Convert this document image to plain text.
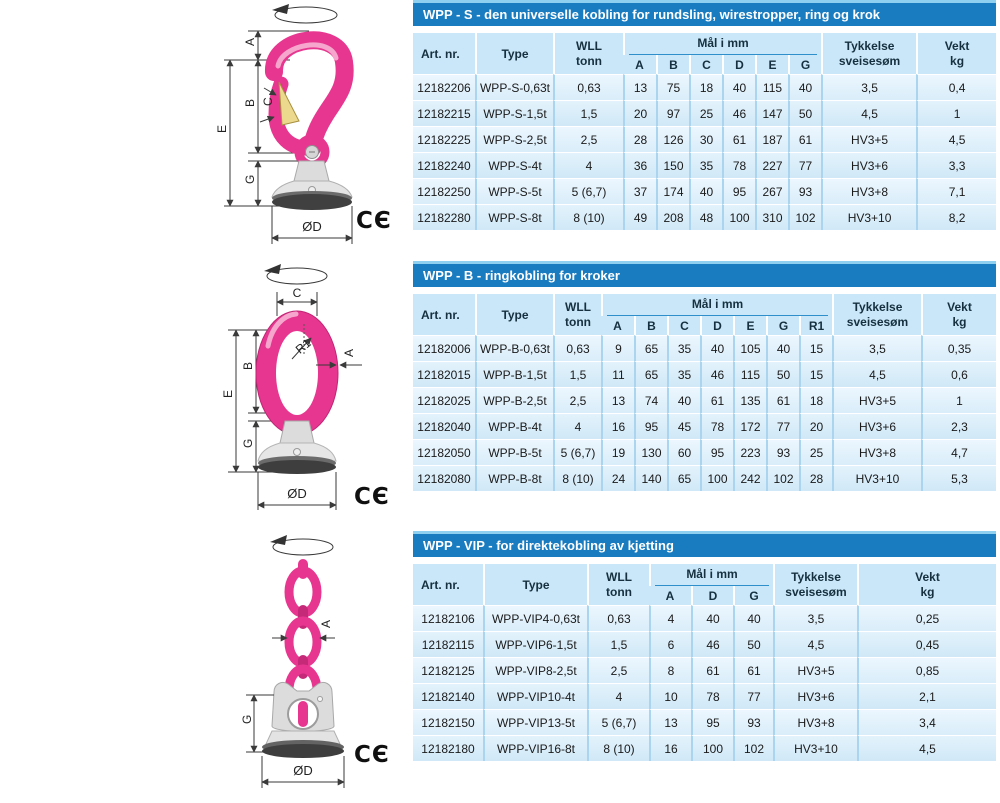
A
E
B
G
C
ØD CЄ
C
E
B
G
R1 A
ØD CЄ
A
G
ØD
CЄ
WPP - S - den universelle kobling for rundsling, wirestropper, ring og krok
Art. nr.	Type	
WLL
tonn

Mål i mm	Tykkelse
sveisesøm

Vekt
kg

			A	B	C	D	E	G		
12182206	WPP-S-0,63t	0,63	13	75	18	40	115	40	3,5	0,4
12182215	WPP-S-1,5t	1,5	20	97	25	46	147	50	4,5	1
12182225	WPP-S-2,5t	2,5	28	126	30	61	187	61	HV3+5	4,5
12182240	WPP-S-4t	4	36	150	35	78	227	77	HV3+6	3,3
12182250	WPP-S-5t	5 (6,7)	37	174	40	95	267	93	HV3+8	7,1
12182280	WPP-S-8t	8 (10)	49	208	48	100	310	102	HV3+10	8,2
WPP - B - ringkobling for kroker
Art. nr.	Type	
WLL
tonn

Mål i mm	Tykkelse
sveisesøm

Vekt
kg

			A	B	C	D	E	G	R1		
12182006	WPP-B-0,63t	0,63	9	65	35	40	105	40	15	3,5	0,35
12182015	WPP-B-1,5t	1,5	11	65	35	46	115	50	15	4,5	0,6
12182025	WPP-B-2,5t	2,5	13	74	40	61	135	61	18	HV3+5	1
12182040	WPP-B-4t	4	16	95	45	78	172	77	20	HV3+6	2,3
12182050	WPP-B-5t	5 (6,7)	19	130	60	95	223	93	25	HV3+8	4,7
12182080	WPP-B-8t	8 (10)	24	140	65	100	242	102	28	HV3+10	5,3
WPP - VIP - for direktekobling av kjetting
Art. nr.	Type	
WLL
tonn

Mål i mm	Tykkelse
sveisesøm

Vekt
kg

			A	D	G		
12182106	WPP-VIP4-0,63t	0,63	4	40	40	3,5	0,25
12182115	WPP-VIP6-1,5t	1,5	6	46	50	4,5	0,45
12182125	WPP-VIP8-2,5t	2,5	8	61	61	HV3+5	0,85
12182140	WPP-VIP10-4t	4	10	78	77	HV3+6	2,1
12182150	WPP-VIP13-5t	5 (6,7)	13	95	93	HV3+8	3,4
12182180	WPP-VIP16-8t	8 (10)	16	100	102	HV3+10	4,5
